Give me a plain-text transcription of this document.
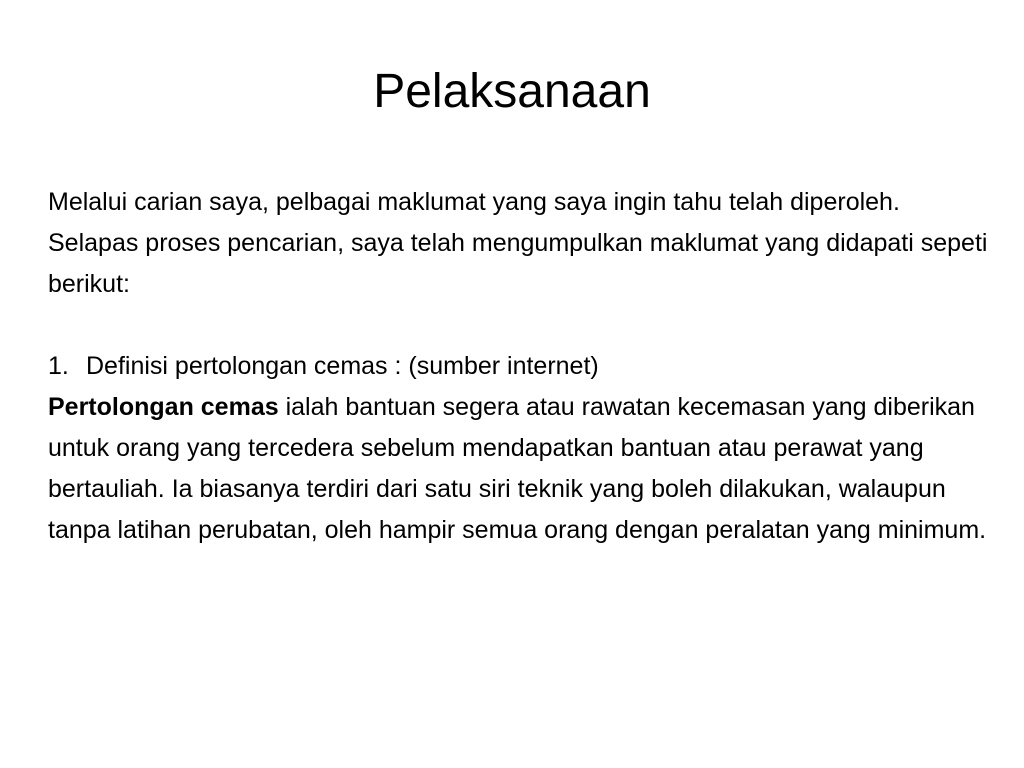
Pelaksanaan

Melalui carian saya, pelbagai maklumat yang saya ingin tahu telah diperoleh. Selapas proses pencarian, saya telah mengumpulkan maklumat yang didapati sepeti berikut:

1. Definisi pertolongan cemas : (sumber internet)

Pertolongan cemas ialah bantuan segera atau rawatan kecemasan yang diberikan untuk orang yang tercedera sebelum mendapatkan bantuan atau perawat yang bertauliah. Ia biasanya terdiri dari satu siri teknik yang boleh dilakukan, walaupun tanpa latihan perubatan, oleh hampir semua orang dengan peralatan yang minimum.
